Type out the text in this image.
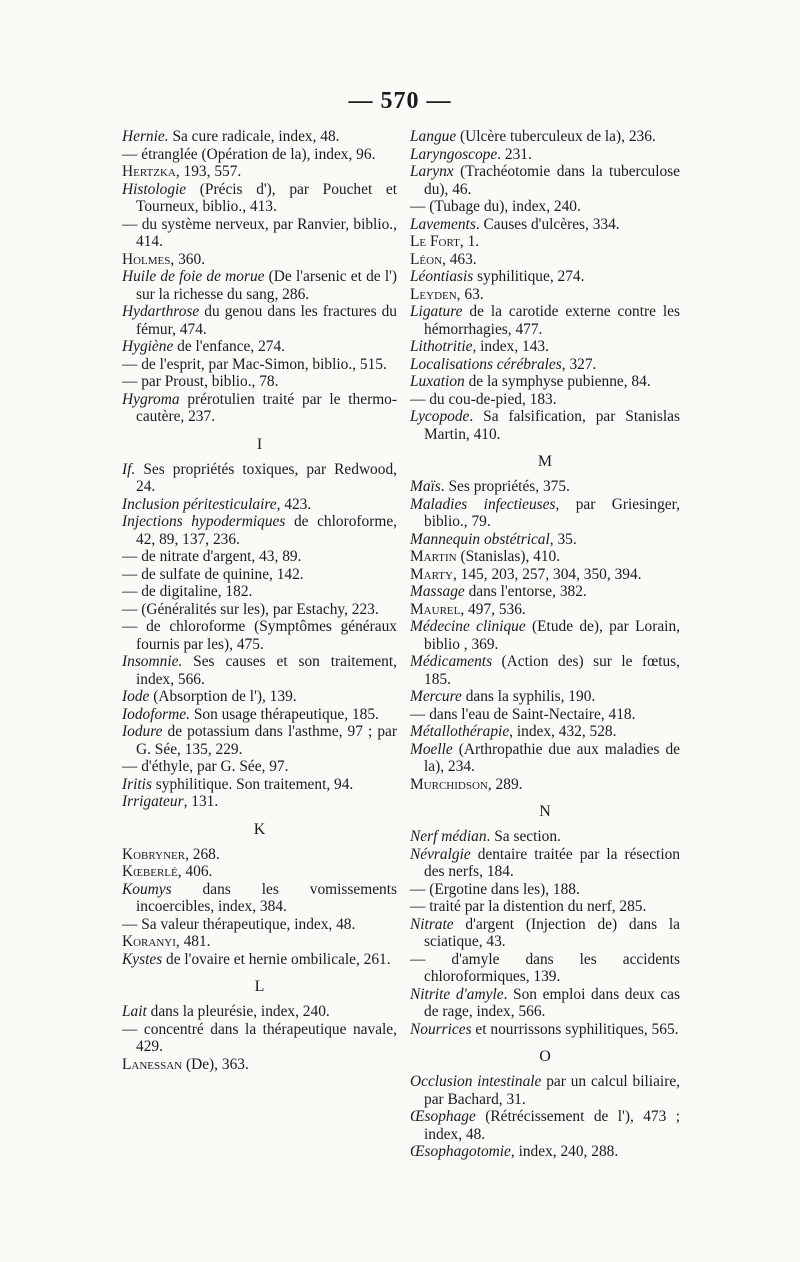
— 570 —
Hernie. Sa cure radicale, index, 48.
— étranglée (Opération de la), index, 96.
Hertzka, 193, 557.
Histologie (Précis d'), par Pouchet et Tourneux, biblio., 413.
— du système nerveux, par Ranvier, biblio., 414.
Holmes, 360.
Huile de foie de morue (De l'arsenic et de l') sur la richesse du sang, 286.
Hydarthrose du genou dans les fractures du fémur, 474.
Hygiène de l'enfance, 274.
— de l'esprit, par Mac-Simon, biblio., 515.
— par Proust, biblio., 78.
Hygroma prérotulien traité par le thermo-cautère, 237.
I
If. Ses propriétés toxiques, par Redwood, 24.
Inclusion péritesticulaire, 423.
Injections hypodermiques de chloroforme, 42, 89, 137, 236.
— de nitrate d'argent, 43, 89.
— de sulfate de quinine, 142.
— de digitaline, 182.
— (Généralités sur les), par Estachy, 223.
— de chloroforme (Symptômes généraux fournis par les), 475.
Insomnie. Ses causes et son traitement, index, 566.
Iode (Absorption de l'), 139.
Iodoforme. Son usage thérapeutique, 185.
Iodure de potassium dans l'asthme, 97 ; par G. Sée, 135, 229.
— d'éthyle, par G. Sée, 97.
Iritis syphilitique. Son traitement, 94.
Irrigateur, 131.
K
Kobryner, 268.
Kœberlé, 406.
Koumys dans les vomissements incoercibles, index, 384.
— Sa valeur thérapeutique, index, 48.
Koranyi, 481.
Kystes de l'ovaire et hernie ombilicale, 261.
L
Lait dans la pleurésie, index, 240.
— concentré dans la thérapeutique navale, 429.
Lanessan (De), 363.
Langue (Ulcère tuberculeux de la), 236.
Laryngoscope. 231.
Larynx (Trachéotomie dans la tuberculose du), 46.
— (Tubage du), index, 240.
Lavements. Causes d'ulcères, 334.
Le Fort, 1.
Léon, 463.
Léontiasis syphilitique, 274.
Leyden, 63.
Ligature de la carotide externe contre les hémorrhagies, 477.
Lithotritie, index, 143.
Localisations cérébrales, 327.
Luxation de la symphyse pubienne, 84.
— du cou-de-pied, 183.
Lycopode. Sa falsification, par Stanislas Martin, 410.
M
Maïs. Ses propriétés, 375.
Maladies infectieuses, par Griesinger, biblio., 79.
Mannequin obstétrical, 35.
Martin (Stanislas), 410.
Marty, 145, 203, 257, 304, 350, 394.
Massage dans l'entorse, 382.
Maurel, 497, 536.
Médecine clinique (Etude de), par Lorain, biblio , 369.
Médicaments (Action des) sur le fœtus, 185.
Mercure dans la syphilis, 190.
— dans l'eau de Saint-Nectaire, 418.
Métallothérapie, index, 432, 528.
Moelle (Arthropathie due aux maladies de la), 234.
Murchidson, 289.
N
Nerf médian. Sa section.
Névralgie dentaire traitée par la résection des nerfs, 184.
— (Ergotine dans les), 188.
— traité par la distention du nerf, 285.
Nitrate d'argent (Injection de) dans la sciatique, 43.
— d'amyle dans les accidents chloroformiques, 139.
Nitrite d'amyle. Son emploi dans deux cas de rage, index, 566.
Nourrices et nourrissons syphilitiques, 565.
O
Occlusion intestinale par un calcul biliaire, par Bachard, 31.
Œsophage (Rétrécissement de l'), 473 ; index, 48.
Œsophagotomie, index, 240, 288.
